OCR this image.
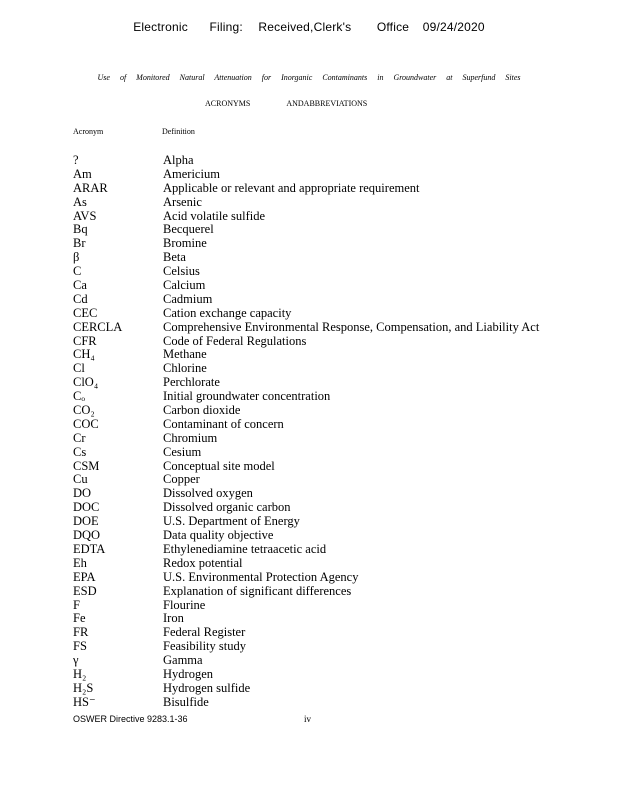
Electronic Filing: Received,Clerk's Office 09/24/2020
Use of Monitored Natural Attenuation for Inorganic Contaminants in Groundwater at Superfund Sites
ACRONYMS	ANDABBREVIATIONS
Acronym	Definition
?	Alpha
Am	Americium
ARAR	Applicable or relevant and appropriate requirement
As	Arsenic
AVS	Acid volatile sulfide
Bq	Becquerel
Br	Bromine
β	Beta
C	Celsius
Ca	Calcium
Cd	Cadmium
CEC	Cation exchange capacity
CERCLA	Comprehensive Environmental Response, Compensation, and Liability Act
CFR	Code of Federal Regulations
CH₄	Methane
Cl	Chlorine
ClO₄	Perchlorate
Cₒ	Initial groundwater concentration
CO₂	Carbon dioxide
COC	Contaminant of concern
Cr	Chromium
Cs	Cesium
CSM	Conceptual site model
Cu	Copper
DO	Dissolved oxygen
DOC	Dissolved organic carbon
DOE	U.S. Department of Energy
DQO	Data quality objective
EDTA	Ethylenediamine tetraacetic acid
Eh	Redox potential
EPA	U.S. Environmental Protection Agency
ESD	Explanation of significant differences
F	Flourine
Fe	Iron
FR	Federal Register
FS	Feasibility study
γ	Gamma
H₂	Hydrogen
H₂S	Hydrogen sulfide
HS⁻	Bisulfide
OSWER Directive 9283.1-36	iv
